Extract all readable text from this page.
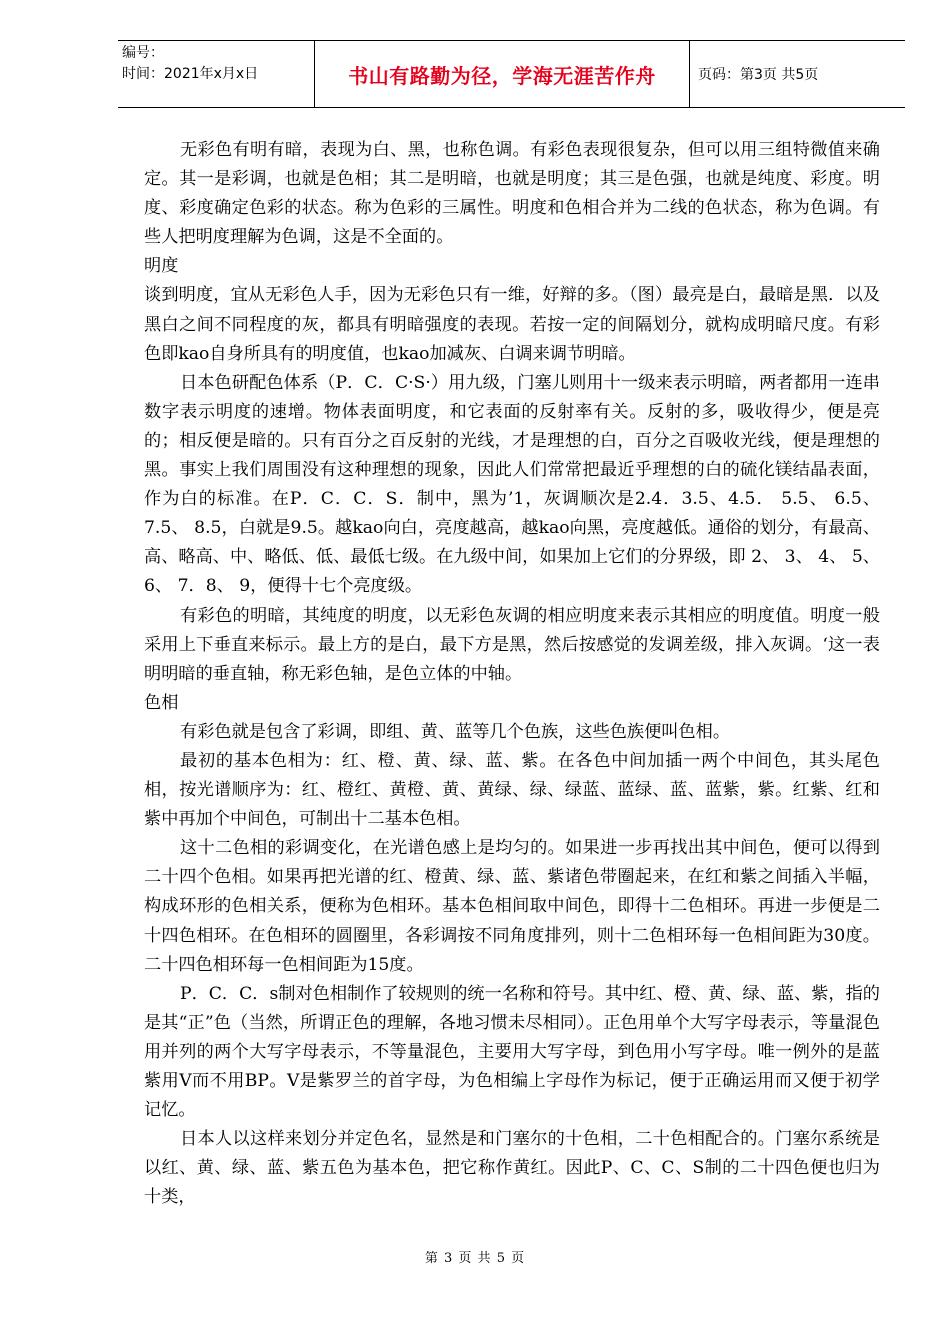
编号：
时间：2021年x月x日	书山有路勤为径，学海无涯苦作舟	页码：第3页 共5页

无彩色有明有暗，表现为白、黑，也称色调。有彩色表现很复杂，但可以用三组特微值来确定。其一是彩调，也就是色相；其二是明暗，也就是明度；其三是色强，也就是纯度、彩度。明度、彩度确定色彩的状态。称为色彩的三属性。明度和色相合并为二线的色状态，称为色调。有些人把明度理解为色调，这是不全面的。

明度

谈到明度，宜从无彩色人手，因为无彩色只有一维，好辩的多。（图）最亮是白，最暗是黑．以及黑白之间不同程度的灰，都具有明暗强度的表现。若按一定的间隔划分，就构成明暗尺度。有彩色即kao自身所具有的明度值，也kao加减灰、白调来调节明暗。

日本色研配色体系（P．C．C·S·）用九级，门塞儿则用十一级来表示明暗，两者都用一连串数字表示明度的速增。物体表面明度，和它表面的反射率有关。反射的多，吸收得少，便是亮的；相反便是暗的。只有百分之百反射的光线，才是理想的白，百分之百吸收光线，便是理想的黑。事实上我们周围没有这种理想的现象，因此人们常常把最近乎理想的白的硫化镁结晶表面，作为白的标准。在P．C．C．S．制中，黑为’1，灰调顺次是2.4．3.5、4.5． 5.5、 6.5、 7.5、 8.5，白就是9.5。越kao向白，亮度越高，越kao向黑，亮度越低。通俗的划分，有最高、高、略高、中、略低、低、最低七级。在九级中间，如果加上它们的分界级，即 2、 3、 4、 5、 6、 7．8、 9，便得十七个亮度级。

有彩色的明暗，其纯度的明度，以无彩色灰调的相应明度来表示其相应的明度值。明度一般采用上下垂直来标示。最上方的是白，最下方是黑，然后按感觉的发调差级，排入灰调。‘这一表明明暗的垂直轴，称无彩色轴，是色立体的中轴。

色相

有彩色就是包含了彩调，即组、黄、蓝等几个色族，这些色族便叫色相。

最初的基本色相为：红、橙、黄、绿、蓝、紫。在各色中间加插一两个中间色，其头尾色相，按光谱顺序为：红、橙红、黄橙、黄、黄绿、绿、绿蓝、蓝绿、蓝、蓝紫，紫。红紫、红和紫中再加个中间色，可制出十二基本色相。

这十二色相的彩调变化，在光谱色感上是均匀的。如果进一步再找出其中间色，便可以得到二十四个色相。如果再把光谱的红、橙黄、绿、蓝、紫诸色带圈起来，在红和紫之间插入半幅，构成环形的色相关系，便称为色相环。基本色相间取中间色，即得十二色相环。再进一步便是二十四色相环。在色相环的圆圈里，各彩调按不同角度排列，则十二色相环每一色相间距为30度。二十四色相环每一色相间距为15度。

P．C．C．s制对色相制作了较规则的统一名称和符号。其中红、橙、黄、绿、蓝、紫，指的是其“正”色（当然，所谓正色的理解，各地习惯未尽相同）。正色用单个大写字母表示，等量混色用并列的两个大写字母表示，不等量混色，主要用大写字母，到色用小写字母。唯一例外的是蓝紫用V而不用BP。V是紫罗兰的首字母，为色相编上字母作为标记，便于正确运用而又便于初学记忆。

日本人以这样来划分并定色名，显然是和门塞尔的十色相，二十色相配合的。门塞尔系统是以红、黄、绿、蓝、紫五色为基本色，把它称作黄红。因此P、C、C、S制的二十四色便也归为十类，

第 3 页 共 5 页
